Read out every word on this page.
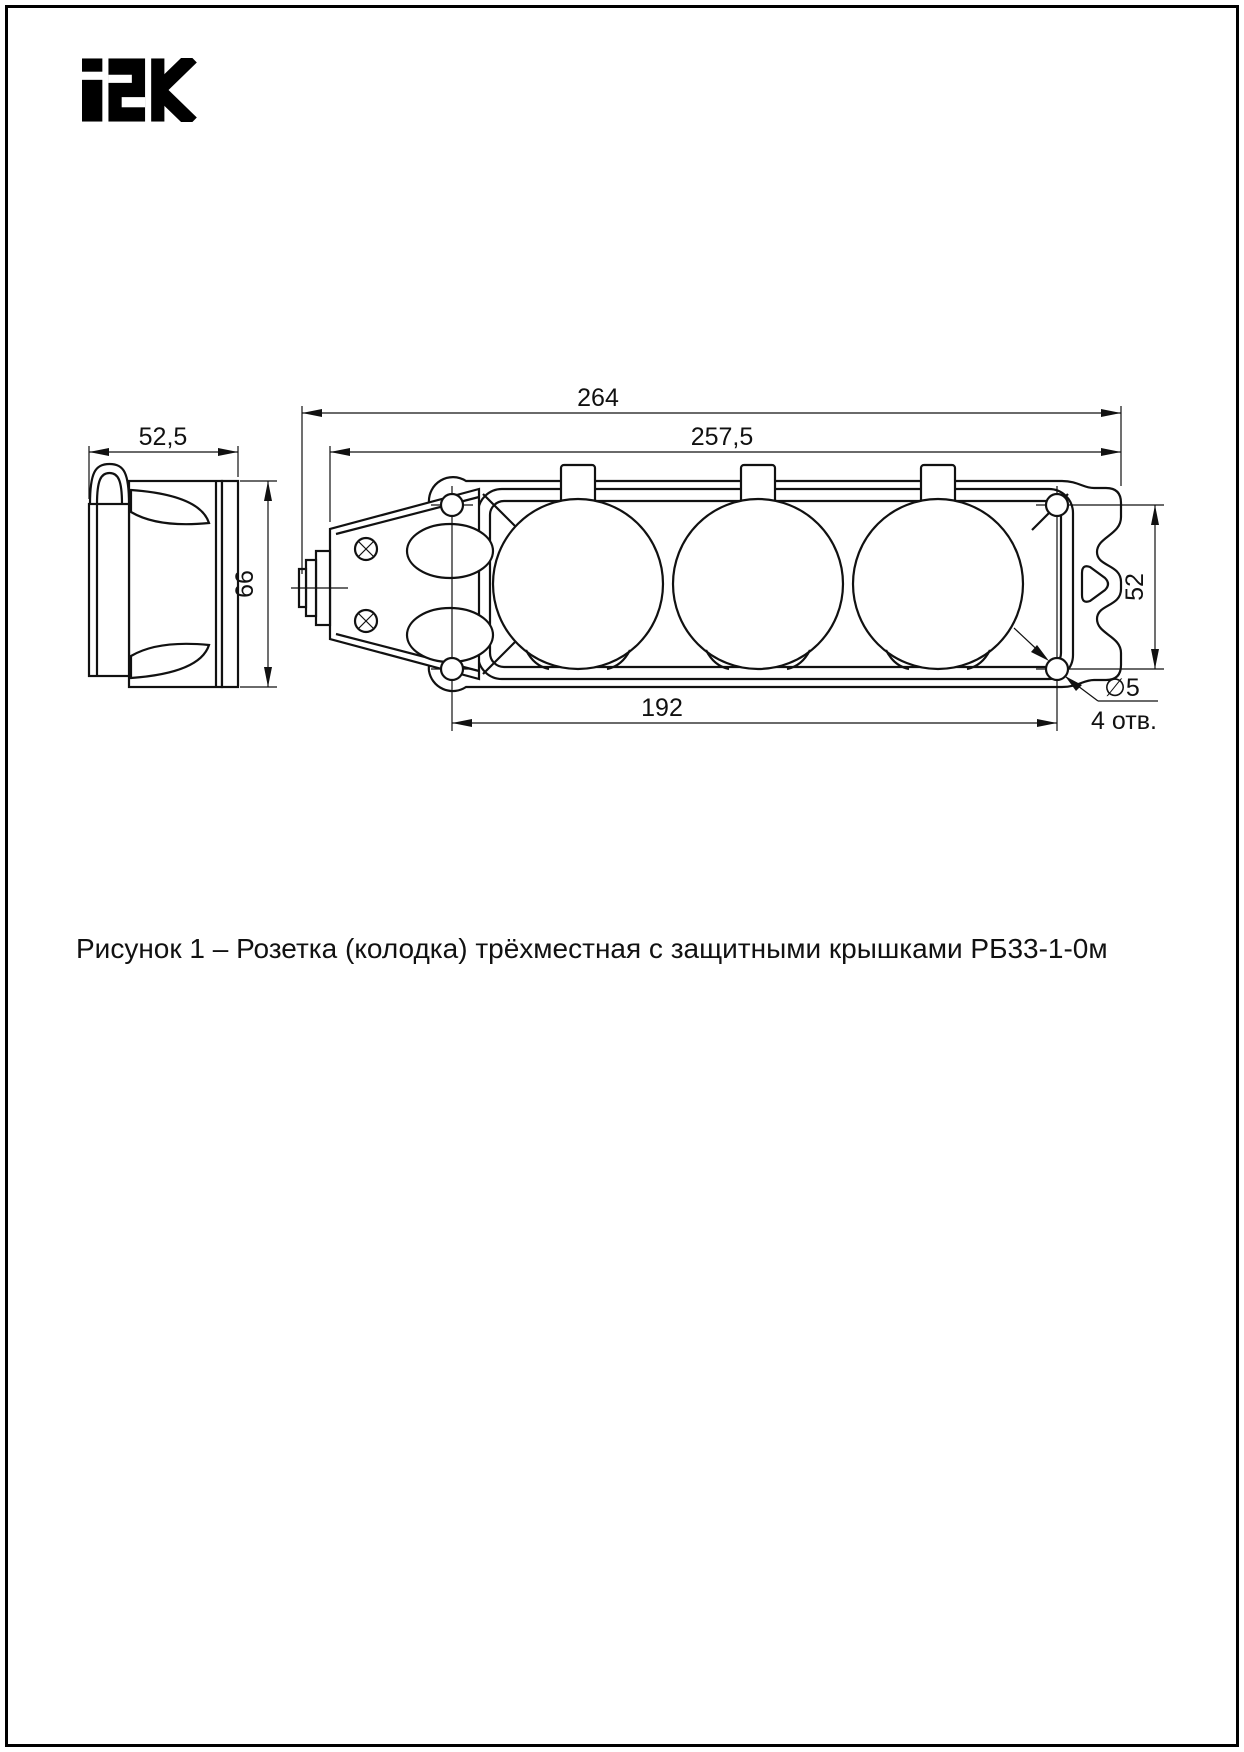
264
257,5
192
52
∅5
4 отв.
52,5
66
Рисунок 1 – Розетка (колодка) трёхместная с защитными крышками РБ33-1-0м
